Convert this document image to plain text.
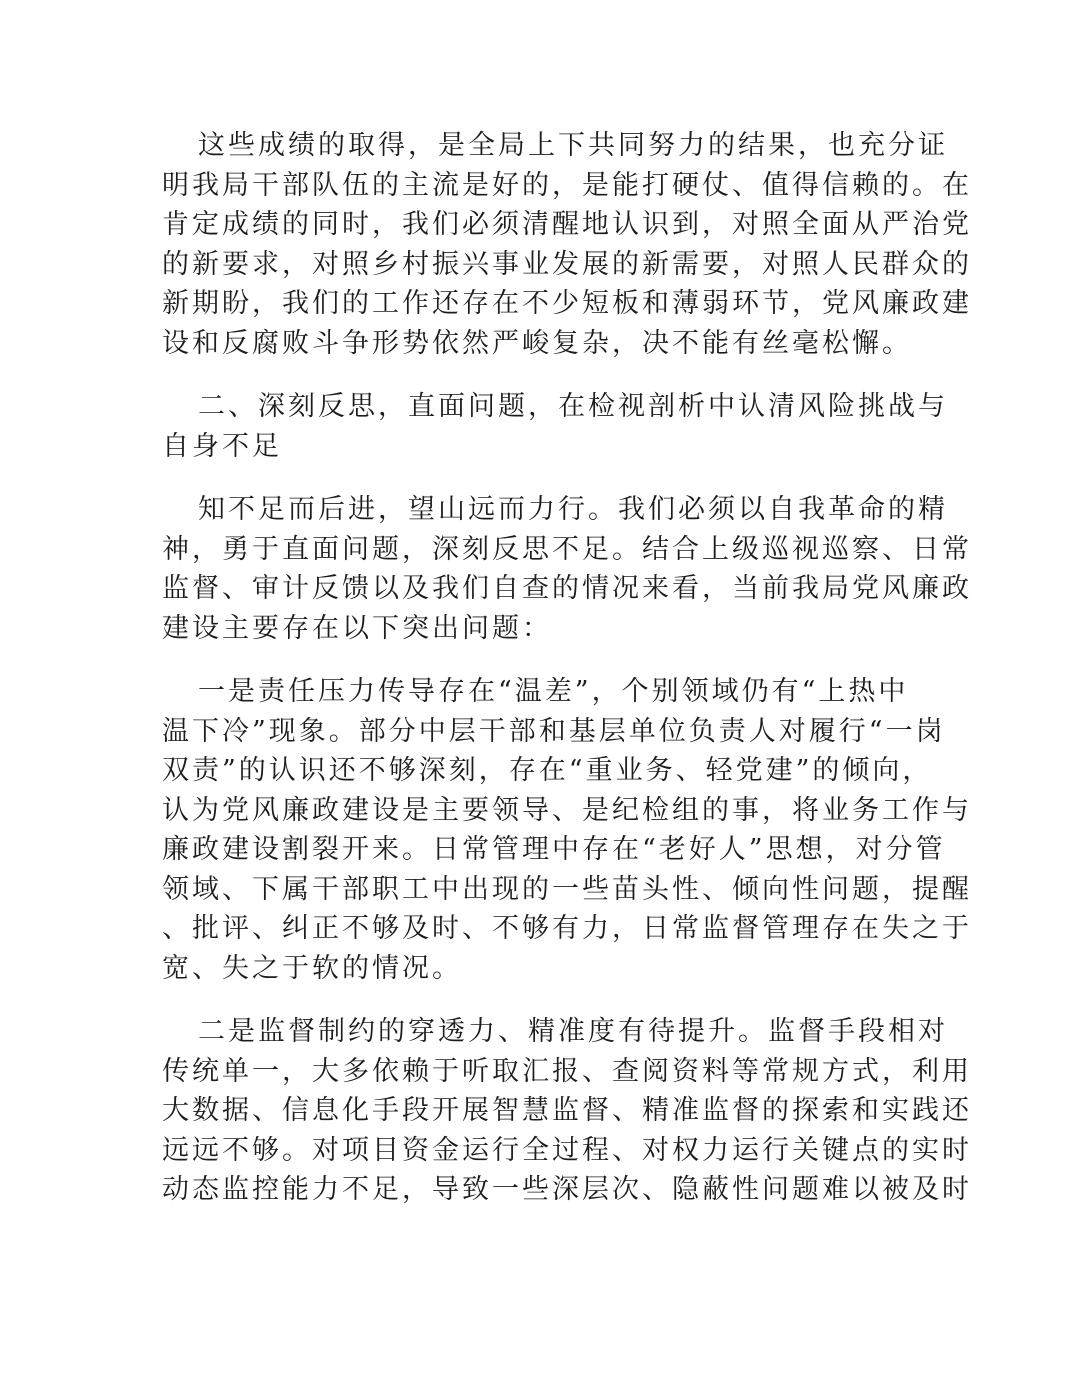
这些成绩的取得，是全局上下共同努力的结果，也充分证
明我局干部队伍的主流是好的，是能打硬仗、值得信赖的。在
肯定成绩的同时，我们必须清醒地认识到，对照全面从严治党
的新要求，对照乡村振兴事业发展的新需要，对照人民群众的
新期盼，我们的工作还存在不少短板和薄弱环节，党风廉政建
设和反腐败斗争形势依然严峻复杂，决不能有丝毫松懈。
二、深刻反思，直面问题，在检视剖析中认清风险挑战与
自身不足
知不足而后进，望山远而力行。我们必须以自我革命的精
神，勇于直面问题，深刻反思不足。结合上级巡视巡察、日常
监督、审计反馈以及我们自查的情况来看，当前我局党风廉政
建设主要存在以下突出问题：
一是责任压力传导存在“温差”，个别领域仍有“上热中
温下冷”现象。部分中层干部和基层单位负责人对履行“一岗
双责”的认识还不够深刻，存在“重业务、轻党建”的倾向，
认为党风廉政建设是主要领导、是纪检组的事，将业务工作与
廉政建设割裂开来。日常管理中存在“老好人”思想，对分管
领域、下属干部职工中出现的一些苗头性、倾向性问题，提醒
、批评、纠正不够及时、不够有力，日常监督管理存在失之于
宽、失之于软的情况。
二是监督制约的穿透力、精准度有待提升。监督手段相对
传统单一，大多依赖于听取汇报、查阅资料等常规方式，利用
大数据、信息化手段开展智慧监督、精准监督的探索和实践还
远远不够。对项目资金运行全过程、对权力运行关键点的实时
动态监控能力不足，导致一些深层次、隐蔽性问题难以被及时
